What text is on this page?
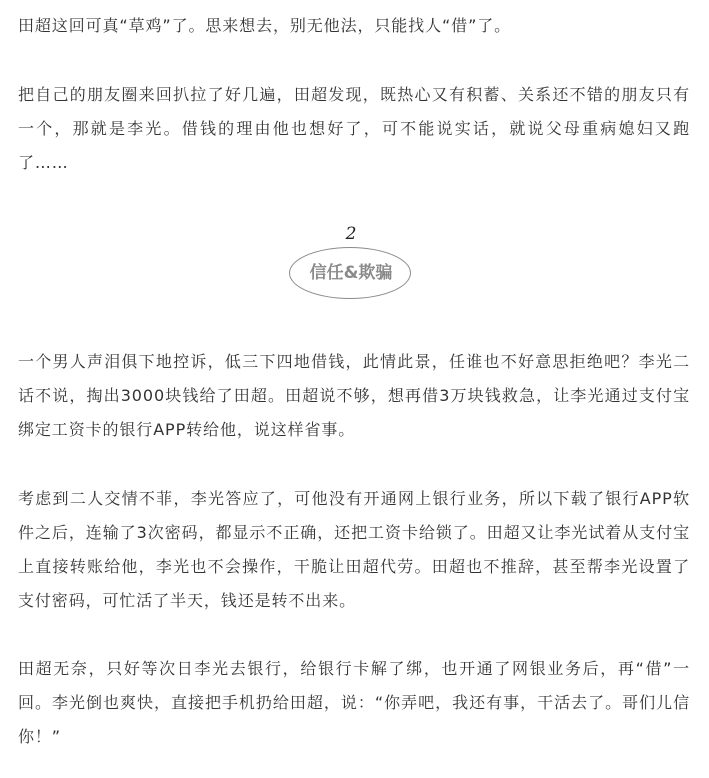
田超这回可真“草鸡”了。思来想去，别无他法，只能找人“借”了。

把自己的朋友圈来回扒拉了好几遍，田超发现，既热心又有积蓄、关系还不错的朋友只有一个，那就是李光。借钱的理由他也想好了，可不能说实话，就说父母重病媳妇又跑了……

一个男人声泪俱下地控诉，低三下四地借钱，此情此景，任谁也不好意思拒绝吧？李光二话不说，掏出3000块钱给了田超。田超说不够，想再借3万块钱救急，让李光通过支付宝绑定工资卡的银行APP转给他，说这样省事。

考虑到二人交情不菲，李光答应了，可他没有开通网上银行业务，所以下载了银行APP软件之后，连输了3次密码，都显示不正确，还把工资卡给锁了。田超又让李光试着从支付宝上直接转账给他，李光也不会操作，干脆让田超代劳。田超也不推辞，甚至帮李光设置了支付密码，可忙活了半天，钱还是转不出来。

田超无奈，只好等次日李光去银行，给银行卡解了绑，也开通了网银业务后，再“借”一回。李光倒也爽快，直接把手机扔给田超，说：“你弄吧，我还有事，干活去了。哥们儿信你！”

2
信任&欺骗
